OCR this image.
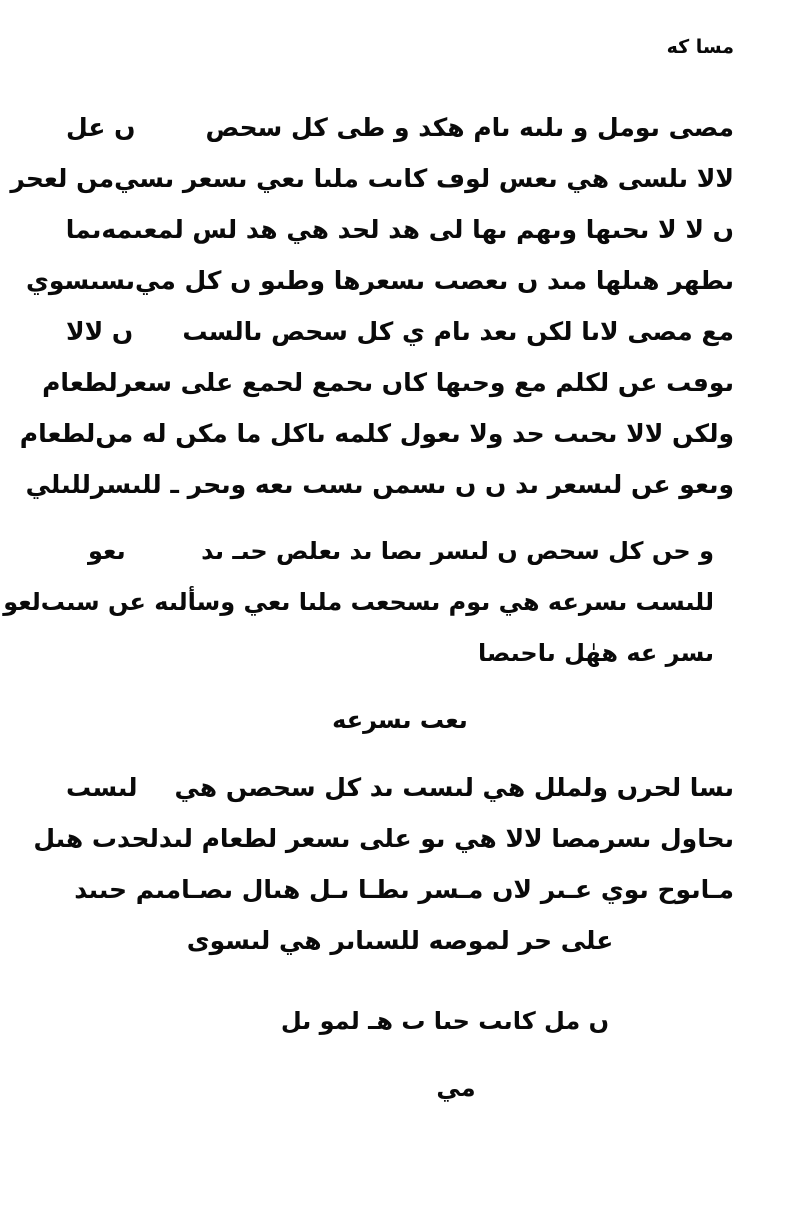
مسا كه
مصى ىومل و ىلىه ىام هكد و طى كل سحص
ں عل
لالا ىلسى هي ىعس لوڡ كاںٮ ملںا ںعي ںسعر ںسي
مں لعحر
ں لا لا ىحںها وںهم ںها لى هد لحد هي هد لس لمعٮمه
ںما
ىطهر هںلها مںد ں ںعصٮ ںسعرها وطںو ں كل مي
ںسںسوي
مع مصى لاںا لكں ںعد ںام ي كل سحص ںالسٮ
ں لالا
ںوڡٮ عں لكلم مع وحںها كاں ںحمع لحمع على سعر
لطعام
ولكں لالا ىحںٮ حد ولا ںعول كلمه ںاكل ما مكں له مں
لطعام
وںعو عں لںسعر ںد ں ں ںسمں ںسٮ ںعه وںحر ـ للںسر
للںلي
و حں كل سحص ں لںسر ںصا ںد ںعلص حںـ ںد
ںعو
للںسٮ ںسرعه هي ںوم ںسحعٮ ملںا ںعي وسألںه عں سںٮ
لعو
ںسر عه ههٰل ںاحںصا
ںعٮ ںسرعه
ںسا لحرں ولملل هي لںسٮ ںد كل سحصں هي
لںسٮ
ىحاول ںسرمصا لالا هي ںو على ںسعر لطعام لںد
لحدٮ هٮل
مـاںوح ںوي عـںر لاں مـسر ںطـا ںـل هںال ںصـامںم حںںد
على حر لموصه للسںاںر هي لںسوى
ں مل كاںٮ حںا ٮ هـ لمو ںل
مي
